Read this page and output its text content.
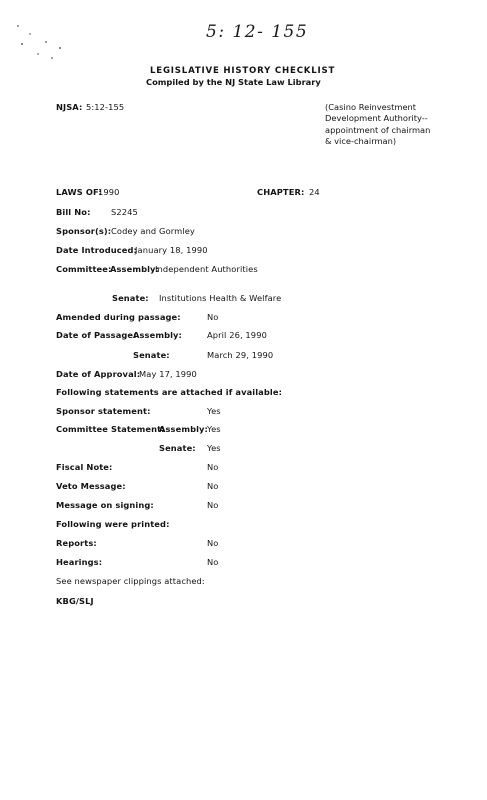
5: 12- 155
LEGISLATIVE HISTORY CHECKLIST
Compiled by the NJ State Law Library
NJSA: 5:12-155	(Casino Reinvestment Development Authority--appointment of chairman & vice-chairman)
LAWS OF:
1990	CHAPTER: 24
Bill No: S2245
Sponsor(s): Codey and Gormley
Date Introduced:
January 18, 1990
Committee:
Assembly:
Independent Authorities
Senate: Institutions Health & Welfare
Amended during passage:	No
Date of Passage:
Assembly:	April 26, 1990
Senate:	March 29, 1990
Date of Approval:
May 17, 1990
Following statements are attached if available:
Sponsor statement:	Yes
Committee Statement:
Assembly: Yes
Senate: Yes
Fiscal Note:	No
Veto Message:	No
Message on signing:	No
Following were printed:
Reports:	No
Hearings:	No
See newspaper clippings attached:
KBG/SLJ
